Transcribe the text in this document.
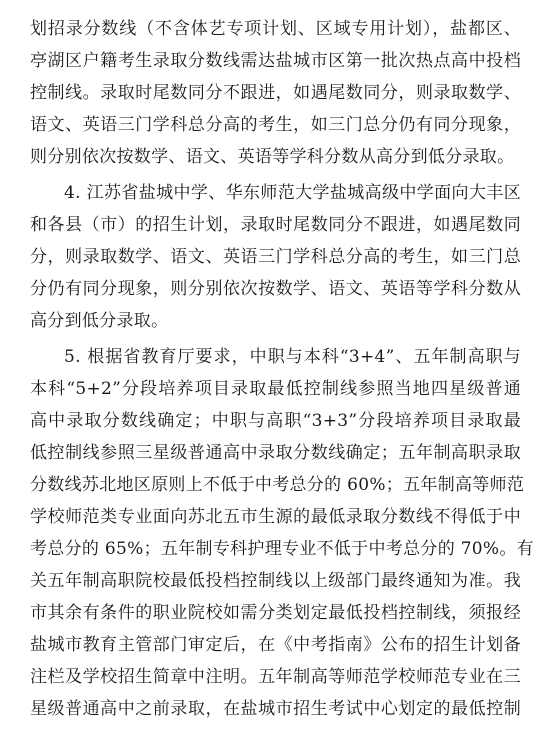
划招录分数线（不含体艺专项计划、区域专用计划），盐都区、
亭湖区户籍考生录取分数线需达盐城市区第一批次热点高中投档
控制线。录取时尾数同分不跟进，如遇尾数同分，则录取数学、
语文、英语三门学科总分高的考生，如三门总分仍有同分现象，
则分别依次按数学、语文、英语等学科分数从高分到低分录取。
4. 江苏省盐城中学、华东师范大学盐城高级中学面向大丰区
和各县（市）的招生计划，录取时尾数同分不跟进，如遇尾数同
分，则录取数学、语文、英语三门学科总分高的考生，如三门总
分仍有同分现象，则分别依次按数学、语文、英语等学科分数从
高分到低分录取。
5. 根据省教育厅要求，中职与本科“3+4”、五年制高职与
本科“5+2”分段培养项目录取最低控制线参照当地四星级普通
高中录取分数线确定；中职与高职“3+3”分段培养项目录取最
低控制线参照三星级普通高中录取分数线确定；五年制高职录取
分数线苏北地区原则上不低于中考总分的 60%；五年制高等师范
学校师范类专业面向苏北五市生源的最低录取分数线不得低于中
考总分的 65%；五年制专科护理专业不低于中考总分的 70%。有
关五年制高职院校最低投档控制线以上级部门最终通知为准。我
市其余有条件的职业院校如需分类划定最低投档控制线，须报经
盐城市教育主管部门审定后，在《中考指南》公布的招生计划备
注栏及学校招生简章中注明。五年制高等师范学校师范专业在三
星级普通高中之前录取，在盐城市招生考试中心划定的最低控制
